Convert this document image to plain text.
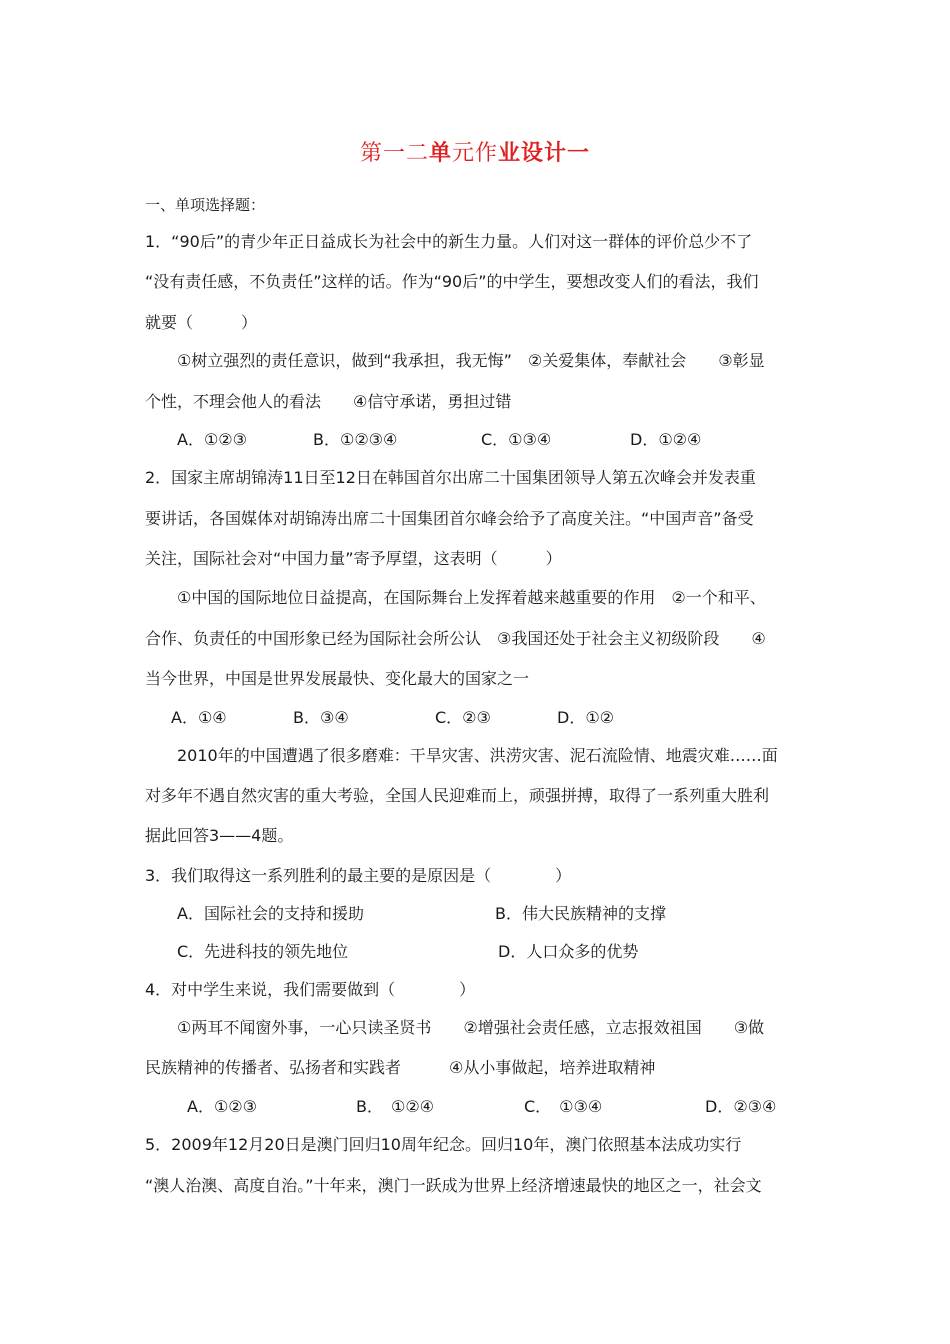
第一二单元作业设计一
一、单项选择题：
1．“90后”的青少年正日益成长为社会中的新生力量。人们对这一群体的评价总少不了
“没有责任感，不负责任”这样的话。作为“90后”的中学生，要想改变人们的看法，我们
就要（　　　）
①树立强烈的责任意识，做到“我承担，我无悔”　②关爱集体，奉献社会　　③彰显
个性，不理会他人的看法　　④信守承诺，勇担过错
A．①②③	B．①②③④	C．①③④	D．①②④
2．国家主席胡锦涛11日至12日在韩国首尔出席二十国集团领导人第五次峰会并发表重
要讲话，各国媒体对胡锦涛出席二十国集团首尔峰会给予了高度关注。“中国声音”备受
关注，国际社会对“中国力量”寄予厚望，这表明（　　　）
①中国的国际地位日益提高，在国际舞台上发挥着越来越重要的作用　②一个和平、
合作、负责任的中国形象已经为国际社会所公认　③我国还处于社会主义初级阶段　　④
当今世界，中国是世界发展最快、变化最大的国家之一
A．①④	B．③④	C．②③	D．①②
2010年的中国遭遇了很多磨难：干旱灾害、洪涝灾害、泥石流险情、地震灾难……面
对多年不遇自然灾害的重大考验，全国人民迎难而上，顽强拼搏，取得了一系列重大胜利
据此回答3——4题。
3．我们取得这一系列胜利的最主要的是原因是（　　　　）
A．国际社会的支持和援助	B．伟大民族精神的支撑
C．先进科技的领先地位	D．人口众多的优势
4．对中学生来说，我们需要做到（　　　　）
①两耳不闻窗外事，一心只读圣贤书　　②增强社会责任感，立志报效祖国　　③做
民族精神的传播者、弘扬者和实践者　　　④从小事做起，培养进取精神
A．①②③	B．　①②④	C．　①③④	D．②③④
5．2009年12月20日是澳门回归10周年纪念。回归10年，澳门依照基本法成功实行
“澳人治澳、高度自治。”十年来，澳门一跃成为世界上经济增速最快的地区之一，社会文
